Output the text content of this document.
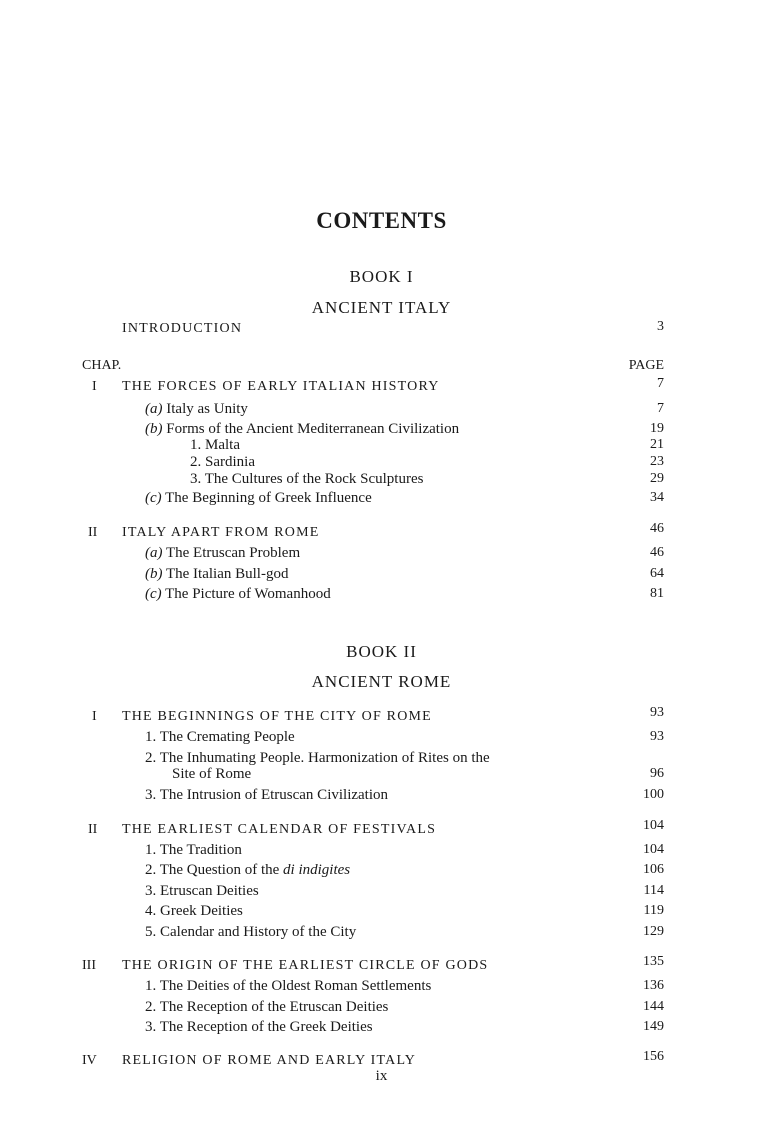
CONTENTS
BOOK I
ANCIENT ITALY
INTRODUCTION	3
CHAP.	PAGE
I THE FORCES OF EARLY ITALIAN HISTORY	7
(a) Italy as Unity	7
(b) Forms of the Ancient Mediterranean Civilization	19
1. Malta	21
2. Sardinia	23
3. The Cultures of the Rock Sculptures	29
(c) The Beginning of Greek Influence	34
II ITALY APART FROM ROME	46
(a) The Etruscan Problem	46
(b) The Italian Bull-god	64
(c) The Picture of Womanhood	81
BOOK II
ANCIENT ROME
I THE BEGINNINGS OF THE CITY OF ROME	93
1. The Cremating People	93
2. The Inhumating People. Harmonization of Rites on the
Site of Rome	96
3. The Intrusion of Etruscan Civilization	100
II THE EARLIEST CALENDAR OF FESTIVALS	104
1. The Tradition	104
2. The Question of the di indigites	106
3. Etruscan Deities	114
4. Greek Deities	119
5. Calendar and History of the City	129
III THE ORIGIN OF THE EARLIEST CIRCLE OF GODS	135
1. The Deities of the Oldest Roman Settlements	136
2. The Reception of the Etruscan Deities	144
3. The Reception of the Greek Deities	149
IV RELIGION OF ROME AND EARLY ITALY	156
ix
